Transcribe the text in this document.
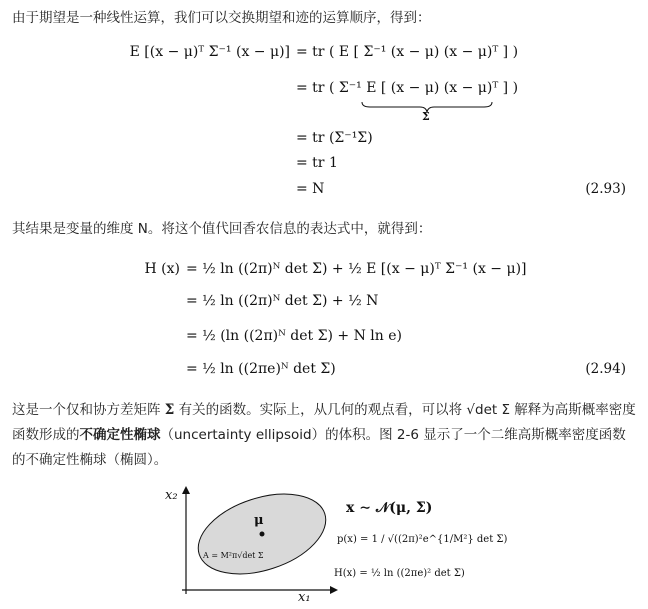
由于期望是一种线性运算，我们可以交换期望和迹的运算顺序，得到：
E [(x − μ)ᵀ Σ⁻¹ (x − μ)] = tr ( E [ Σ⁻¹ (x − μ) (x − μ)ᵀ ] )
= tr ( Σ⁻¹ E [ (x − μ) (x − μ)ᵀ ] )
Σ
= tr (Σ⁻¹Σ)
= tr 1
= N	(2.93)
其结果是变量的维度 N。将这个值代回香农信息的表达式中，就得到：
H (x) = ½ ln ((2π)ᴺ det Σ) + ½ E [(x − μ)ᵀ Σ⁻¹ (x − μ)]
= ½ ln ((2π)ᴺ det Σ) + ½ N
= ½ (ln ((2π)ᴺ det Σ) + N ln e)
= ½ ln ((2πe)ᴺ det Σ)	(2.94)
这是一个仅和协方差矩阵 Σ 有关的函数。实际上，从几何的观点看，可以将 √det Σ 解释为高斯概率密度函数形成的不确定性椭球（uncertainty ellipsoid）的体积。图 2-6 显示了一个二维高斯概率密度函数的不确定性椭球（椭圆）。
x₂
x₁
μ
A = M²π√det Σ
x ∼ 𝒩(μ, Σ)
p(x) = 1 / √((2π)²e^{1/M²} det Σ)
H(x) = ½ ln ((2πe)² det Σ)
